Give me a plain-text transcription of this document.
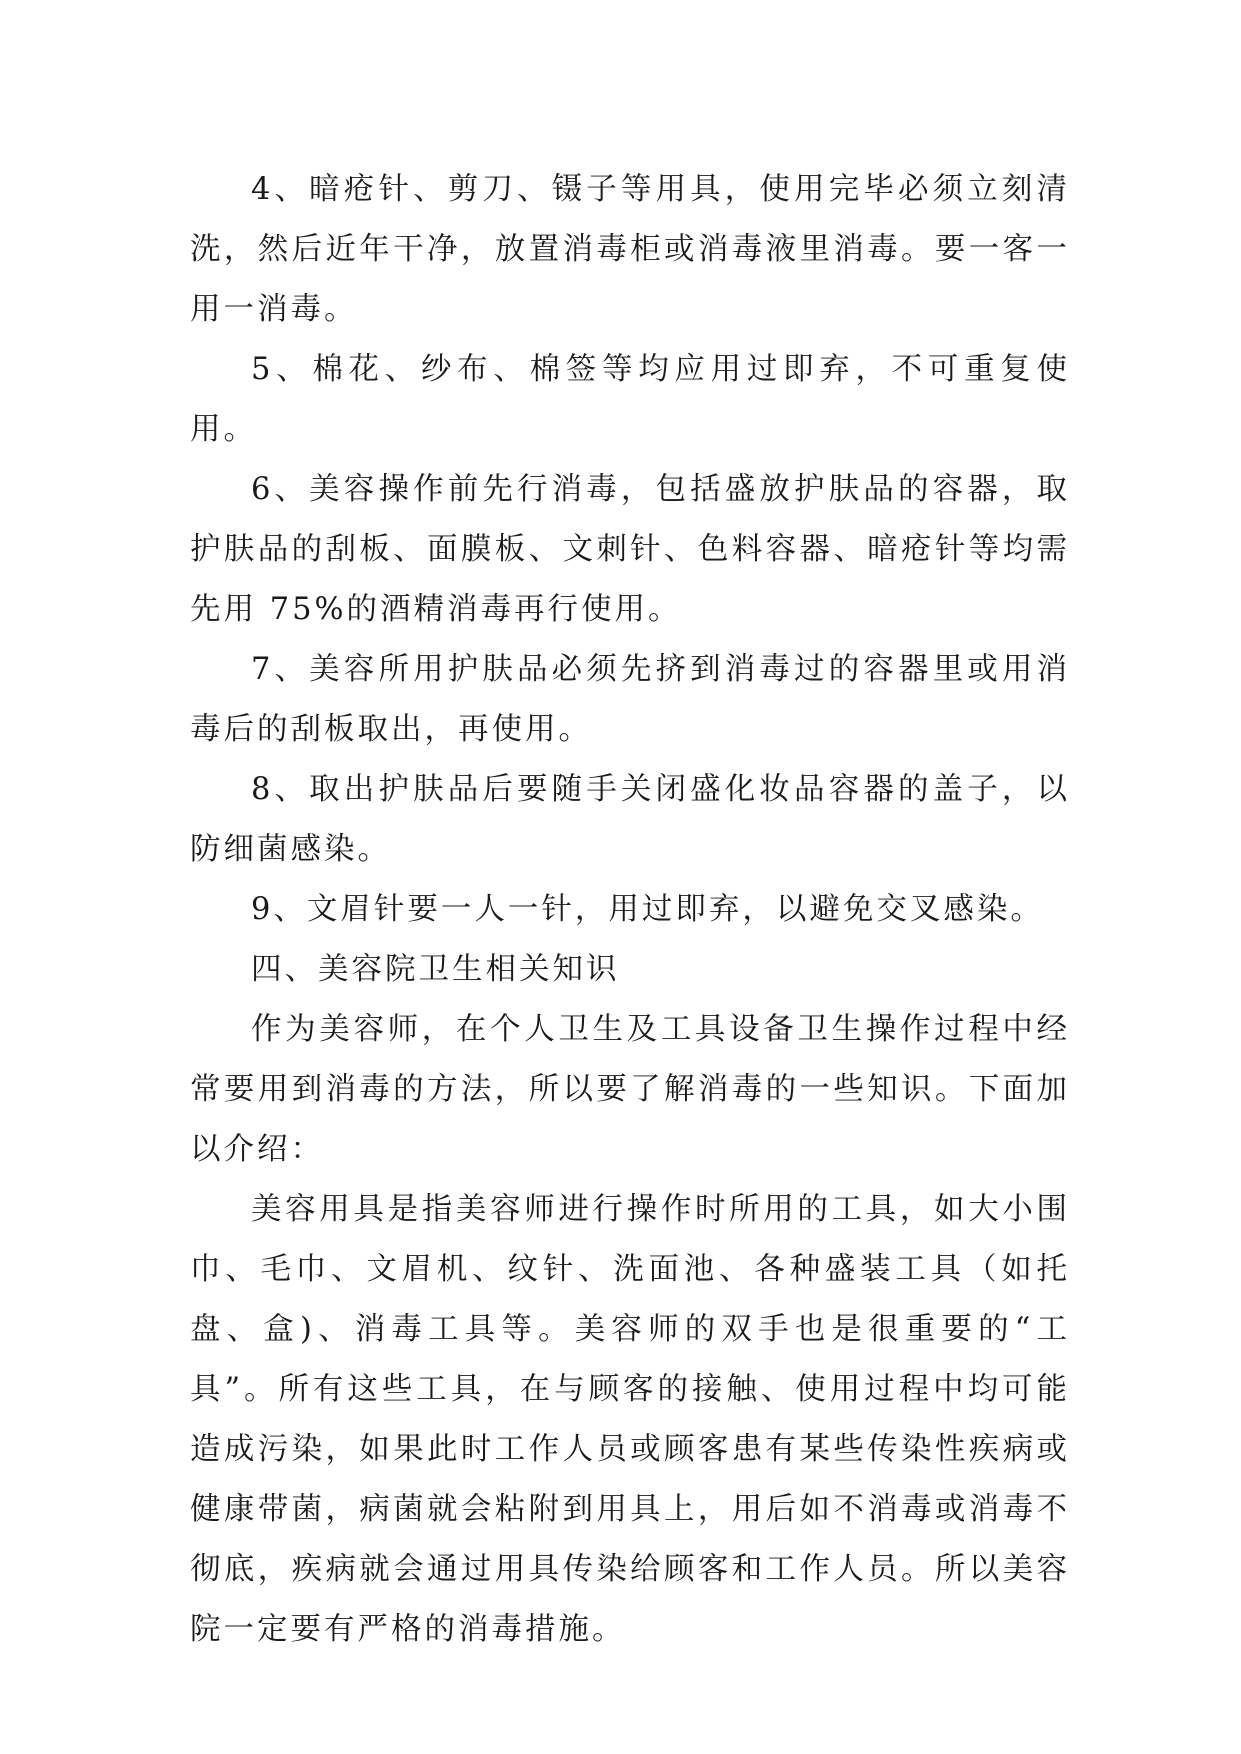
4、暗疮针、剪刀、镊子等用具，使用完毕必须立刻清洗，然后近年干净，放置消毒柜或消毒液里消毒。要一客一用一消毒。

5、棉花、纱布、棉签等均应用过即弃，不可重复使用。

6、美容操作前先行消毒，包括盛放护肤品的容器，取护肤品的刮板、面膜板、文刺针、色料容器、暗疮针等均需先用 75%的酒精消毒再行使用。

7、美容所用护肤品必须先挤到消毒过的容器里或用消毒后的刮板取出，再使用。

8、取出护肤品后要随手关闭盛化妆品容器的盖子，以防细菌感染。

9、文眉针要一人一针，用过即弃，以避免交叉感染。

四、美容院卫生相关知识

作为美容师，在个人卫生及工具设备卫生操作过程中经常要用到消毒的方法，所以要了解消毒的一些知识。下面加以介绍：

美容用具是指美容师进行操作时所用的工具，如大小围巾、毛巾、文眉机、纹针、洗面池、各种盛装工具（如托盘、盒)、消毒工具等。美容师的双手也是很重要的“工具”。所有这些工具，在与顾客的接触、使用过程中均可能造成污染，如果此时工作人员或顾客患有某些传染性疾病或健康带菌，病菌就会粘附到用具上，用后如不消毒或消毒不彻底，疾病就会通过用具传染给顾客和工作人员。所以美容院一定要有严格的消毒措施。
